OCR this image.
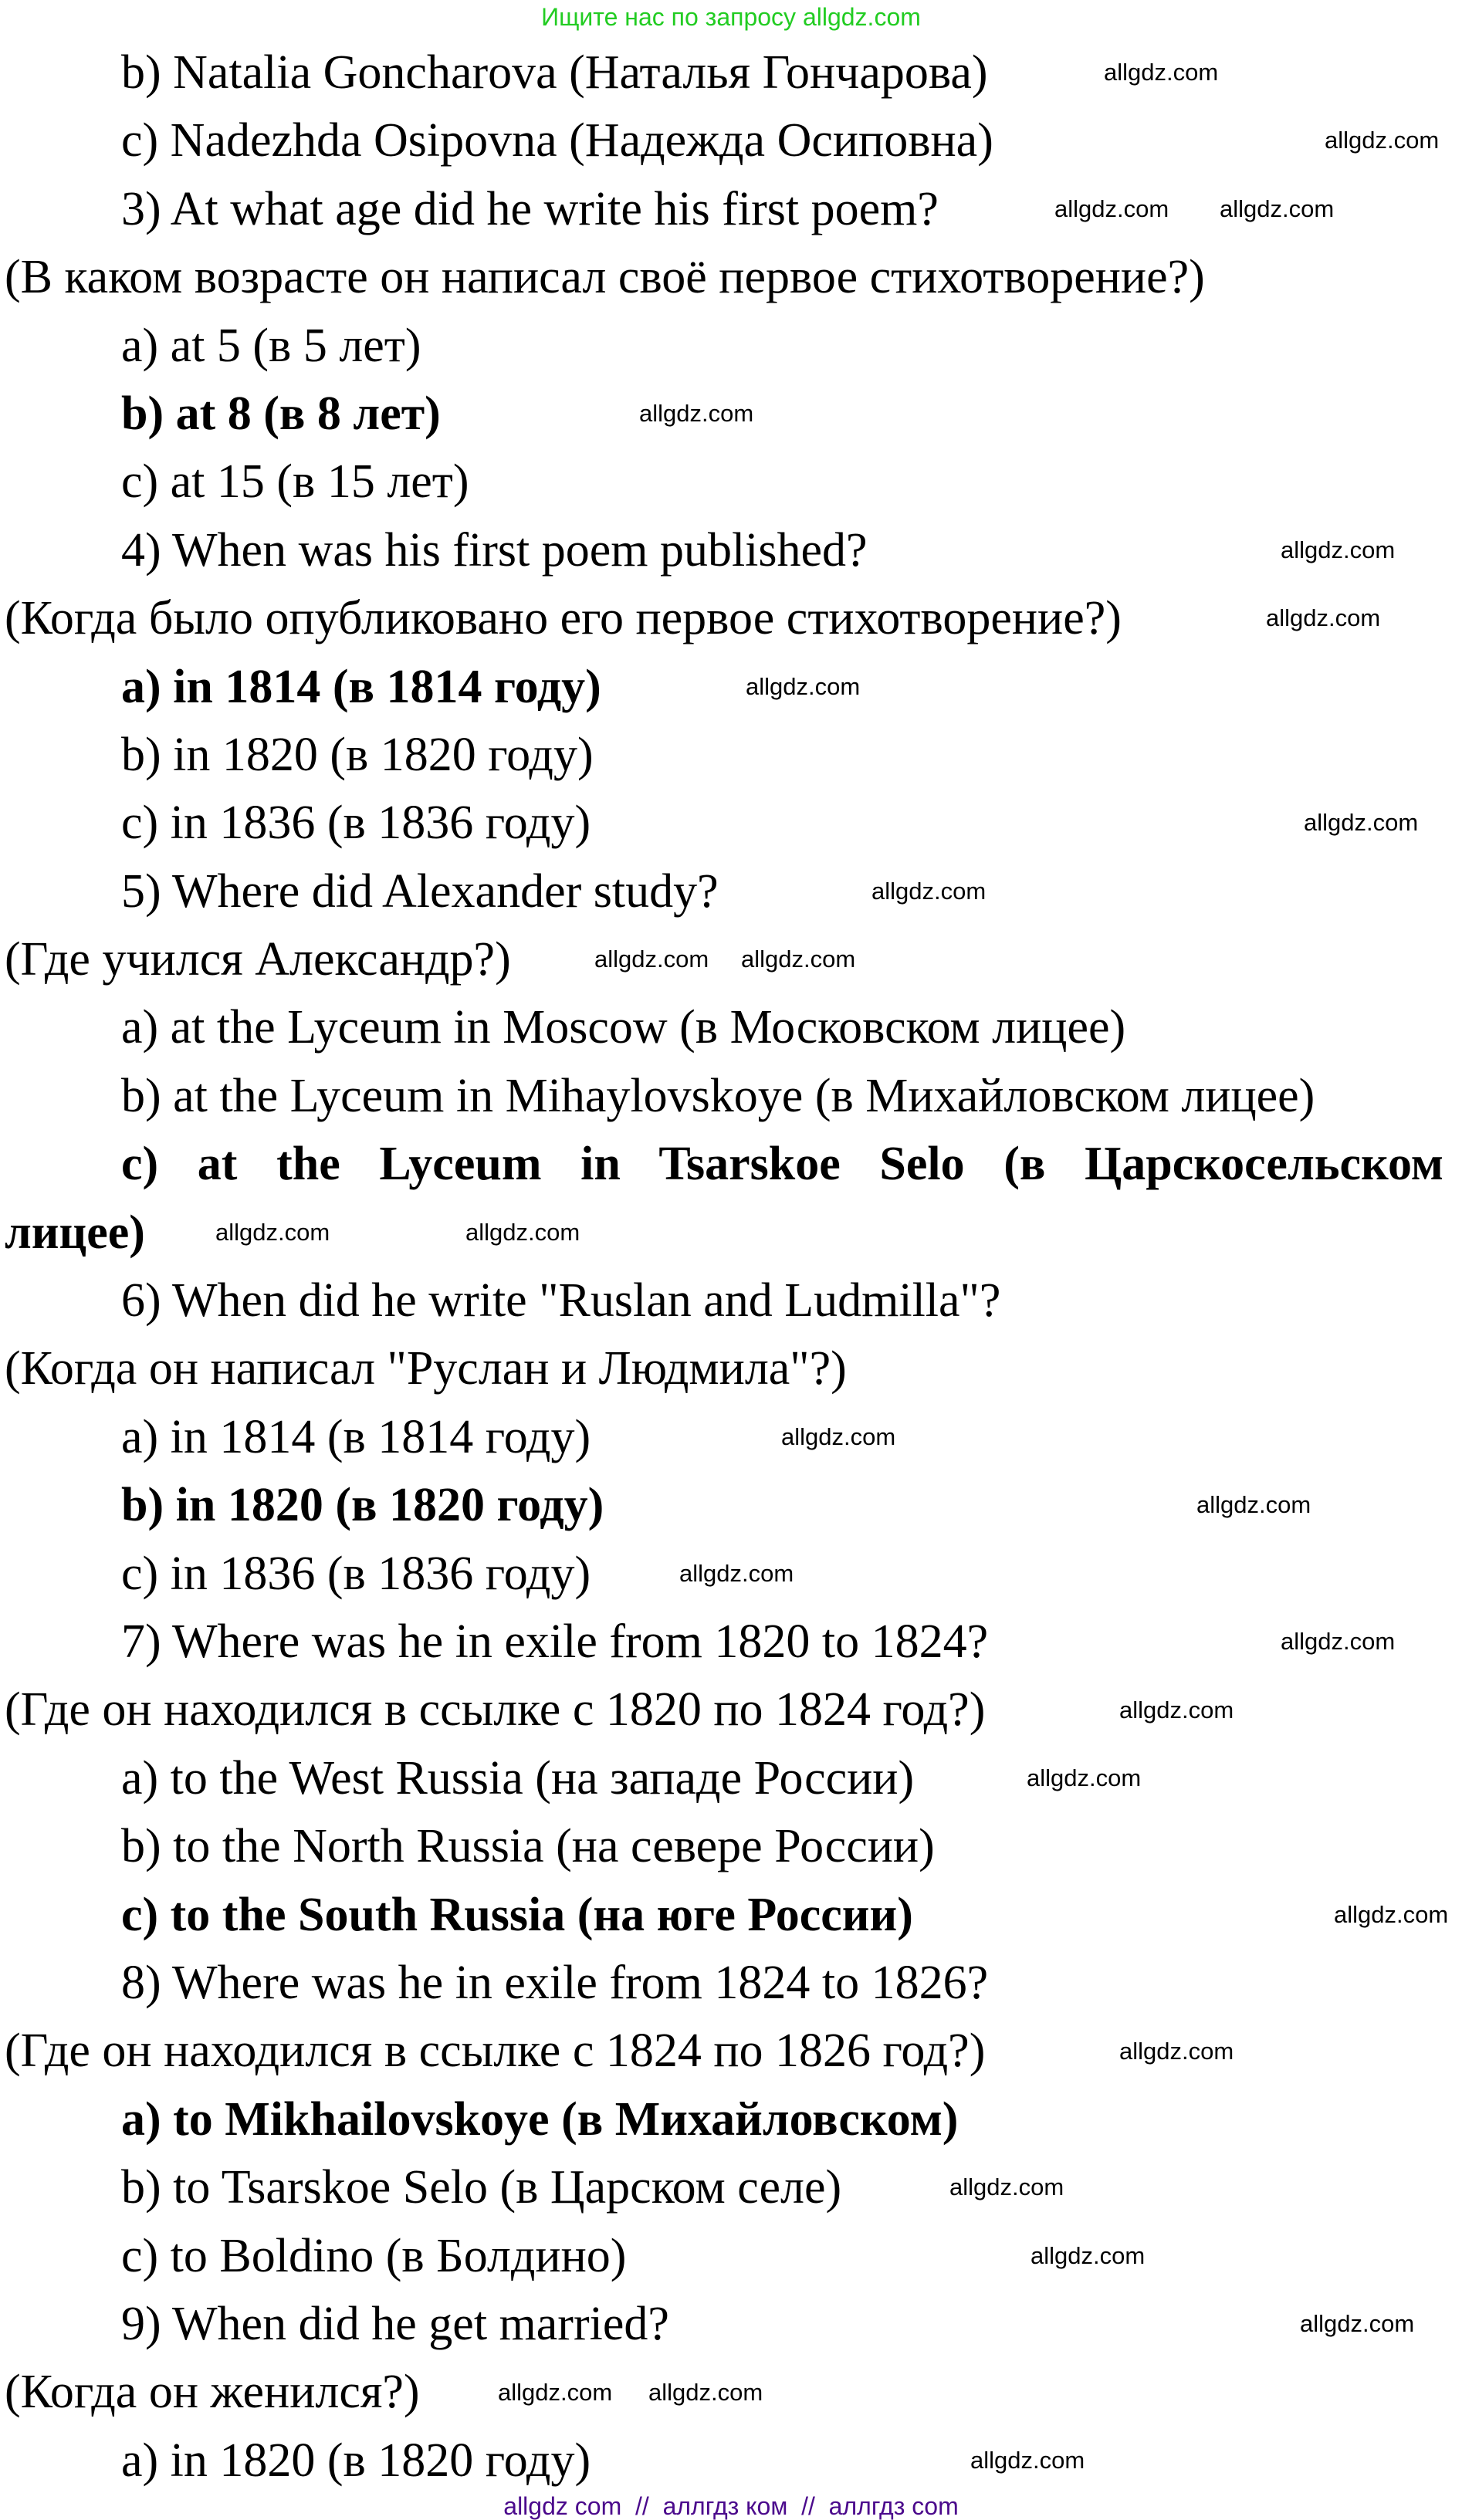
Ищите нас по запросу allgdz.com
b) Natalia Goncharova (Наталья Гончарова)
c) Nadezhda Osipovna (Надежда Осиповна)
3) At what age did he write his first poem?
(В каком возрасте он написал своё первое стихотворение?)
a) at 5 (в 5 лет)
b) at 8 (в 8 лет)
c) at 15 (в 15 лет)
4) When was his first poem published?
(Когда было опубликовано его первое стихотворение?)
a) in 1814 (в 1814 году)
b) in 1820 (в 1820 году)
c) in 1836 (в 1836 году)
5) Where did Alexander study?
(Где учился Александр?)
a) at the Lyceum in Moscow (в Московском лицее)
b) at the Lyceum in Mihaylovskoye (в Михайловском лицее)
c) at the Lyceum in Tsarskoe Selo (в Царскосельском
лицее)
6) When did he write "Ruslan and Ludmilla"?
(Когда он написал "Руслан и Людмила"?)
a) in 1814 (в 1814 году)
b) in 1820 (в 1820 году)
c) in 1836 (в 1836 году)
7) Where was he in exile from 1820 to 1824?
(Где он находился в ссылке с 1820 по 1824 год?)
a) to the West Russia (на западе России)
b) to the North Russia (на севере России)
c) to the South Russia (на юге России)
8) Where was he in exile from 1824 to 1826?
(Где он находился в ссылке с 1824 по 1826 год?)
a) to Mikhailovskoye (в Михайловском)
b) to Tsarskoe Selo (в Царском селе)
c) to Boldino (в Болдино)
9) When did he get married?
(Когда он женился?)
a) in 1820 (в 1820 году)
allgdz.com
allgdz.com
allgdz.com allgdz.com
allgdz.com
allgdz.com
allgdz.com
allgdz.com
allgdz.com
allgdz.com
allgdz.com allgdz.com
allgdz.com	allgdz.com
allgdz.com
allgdz.com
allgdz.com
allgdz.com
allgdz.com
allgdz.com
allgdz.com
allgdz.com
allgdz.com
allgdz.com
allgdz.com
allgdz.com allgdz.com
allgdz.com
allgdz com  //  аллгдз ком  //  аллгдз com
